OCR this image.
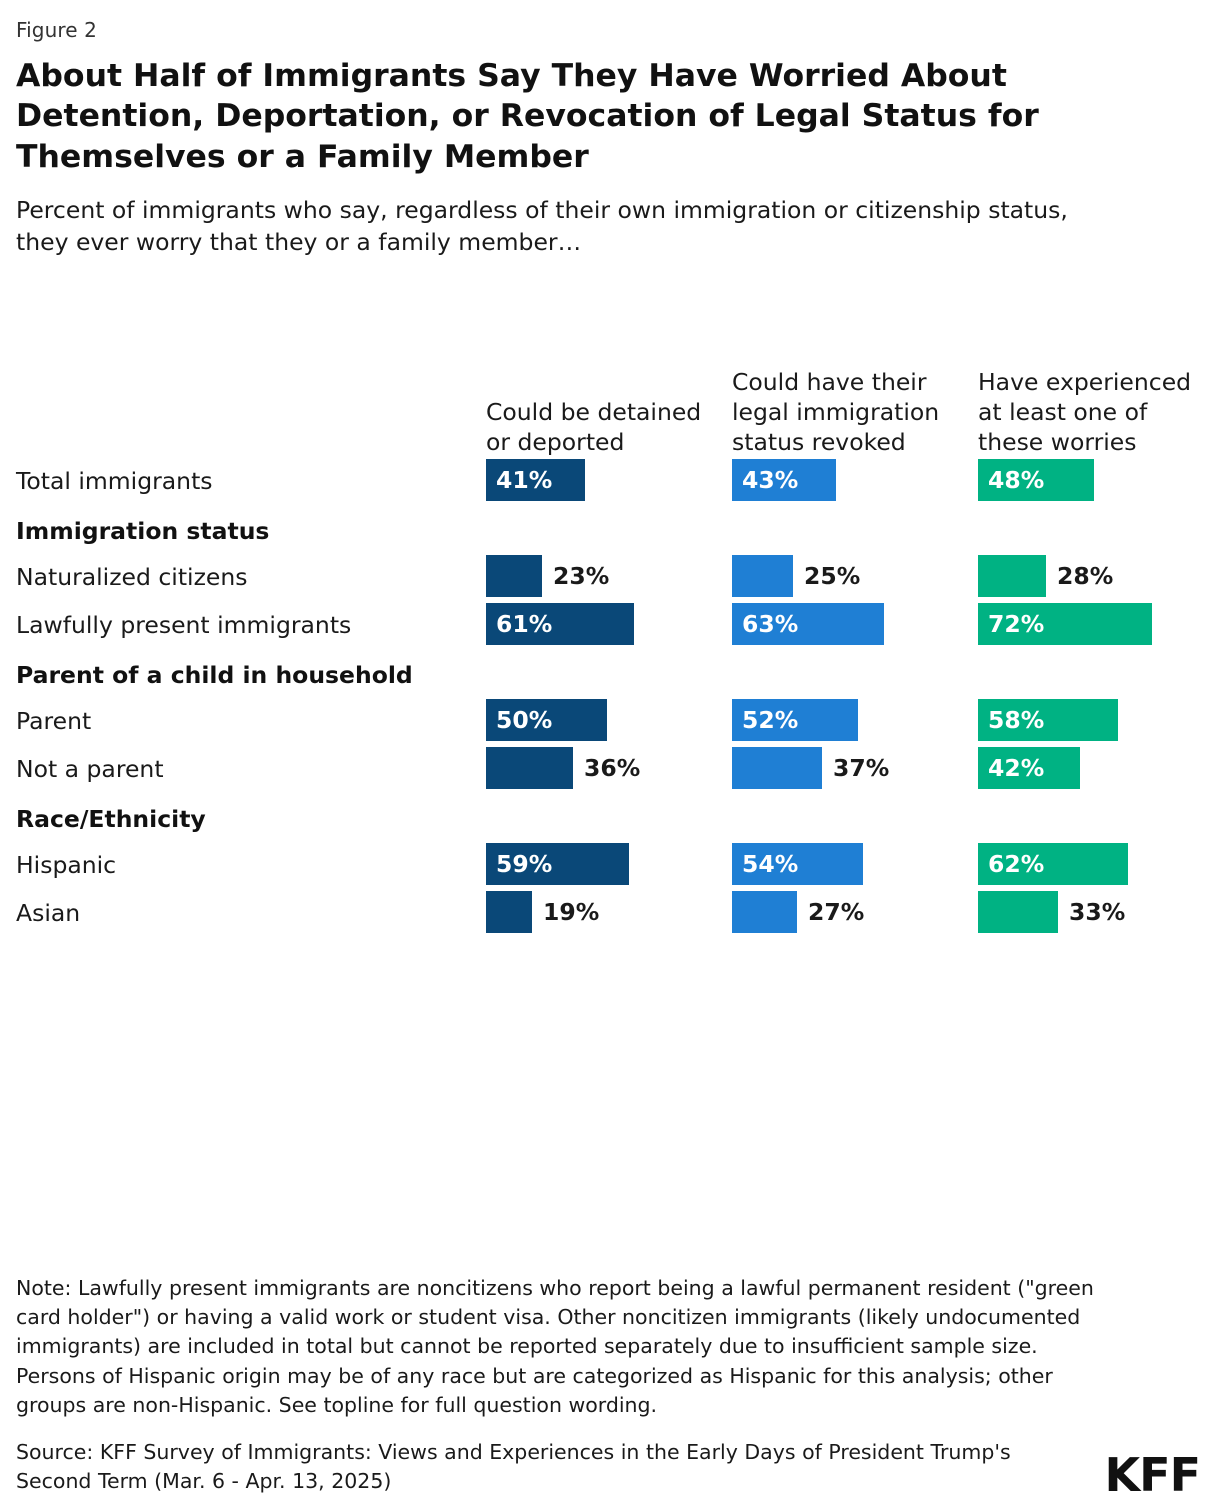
Figure 2
About Half of Immigrants Say They Have Worried About Detention, Deportation, or Revocation of Legal Status for Themselves or a Family Member
Percent of immigrants who say, regardless of their own immigration or citizenship status, they ever worry that they or a family member…
Could be detained or deported
Could have their legal immigration status revoked
Have experienced at least one of these worries
Total immigrants	41%	43%	48%
Immigration status
Naturalized citizens	23%	25%	28%
Lawfully present immigrants	61%	63%	72%
Parent of a child in household
Parent	50%	52%	58%
Not a parent	36%	37%	42%
Race/Ethnicity
Hispanic	59%	54%	62%
Asian	19%	27%	33%
Note: Lawfully present immigrants are noncitizens who report being a lawful permanent resident ("green card holder") or having a valid work or student visa. Other noncitizen immigrants (likely undocumented immigrants) are included in total but cannot be reported separately due to insufficient sample size. Persons of Hispanic origin may be of any race but are categorized as Hispanic for this analysis; other groups are non-Hispanic. See topline for full question wording.
Source: KFF Survey of Immigrants: Views and Experiences in the Early Days of President Trump's Second Term (Mar. 6 - Apr. 13, 2025)	KFF
